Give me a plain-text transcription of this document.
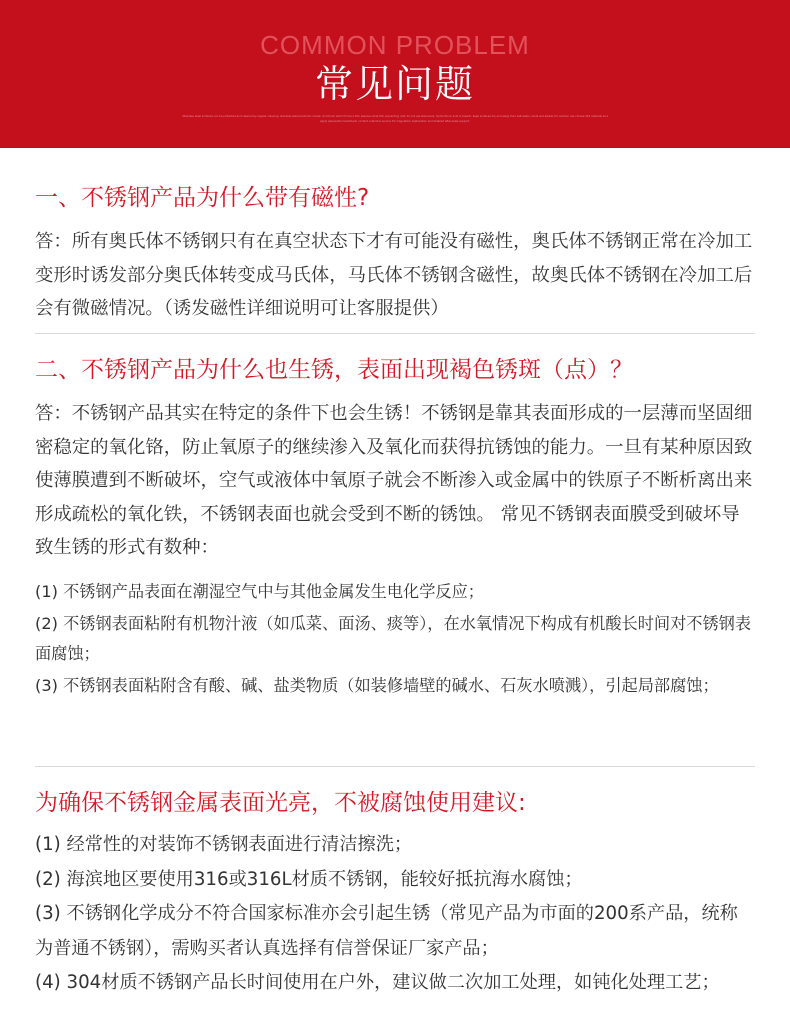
COMMON PROBLEM
常见问题
Stainless steel surfaces can be protected and cleaned by regular cleaning; stainless steel products contain chromium which forms a thin passive oxide film preventing rust; do not use steel wool, hydrochloric acid or bleach; keep surfaces dry and away from salt water, acids and alkalis; for outdoor use choose 316 material and apply passivation treatment; contact customer service for magnetism explanation and detailed after-sales support.
一、不锈钢产品为什么带有磁性?
答：所有奥氏体不锈钢只有在真空状态下才有可能没有磁性，奥氏体不锈钢正常在冷加工变形时诱发部分奥氏体转变成马氏体，马氏体不锈钢含磁性，故奥氏体不锈钢在冷加工后会有微磁情况。（诱发磁性详细说明可让客服提供）
二、不锈钢产品为什么也生锈，表面出现褐色锈斑（点）？
答：不锈钢产品其实在特定的条件下也会生锈！不锈钢是靠其表面形成的一层薄而坚固细密稳定的氧化铬，防止氧原子的继续渗入及氧化而获得抗锈蚀的能力。一旦有某种原因致使薄膜遭到不断破坏，空气或液体中氧原子就会不断渗入或金属中的铁原子不断析离出来形成疏松的氧化铁，不锈钢表面也就会受到不断的锈蚀。 常见不锈钢表面膜受到破坏导致生锈的形式有数种：
(1) 不锈钢产品表面在潮湿空气中与其他金属发生电化学反应；
(2) 不锈钢表面粘附有机物汁液（如瓜菜、面汤、痰等），在水氧情况下构成有机酸长时间对不锈钢表面腐蚀；
(3) 不锈钢表面粘附含有酸、碱、盐类物质（如装修墙壁的碱水、石灰水喷溅），引起局部腐蚀；
为确保不锈钢金属表面光亮，不被腐蚀使用建议:
(1) 经常性的对装饰不锈钢表面进行清洁擦洗；
(2) 海滨地区要使用316或316L材质不锈钢，能较好抵抗海水腐蚀；
(3) 不锈钢化学成分不符合国家标准亦会引起生锈（常见产品为市面的200系产品，统称为普通不锈钢），需购买者认真选择有信誉保证厂家产品；
(4) 304材质不锈钢产品长时间使用在户外，建议做二次加工处理，如钝化处理工艺；
